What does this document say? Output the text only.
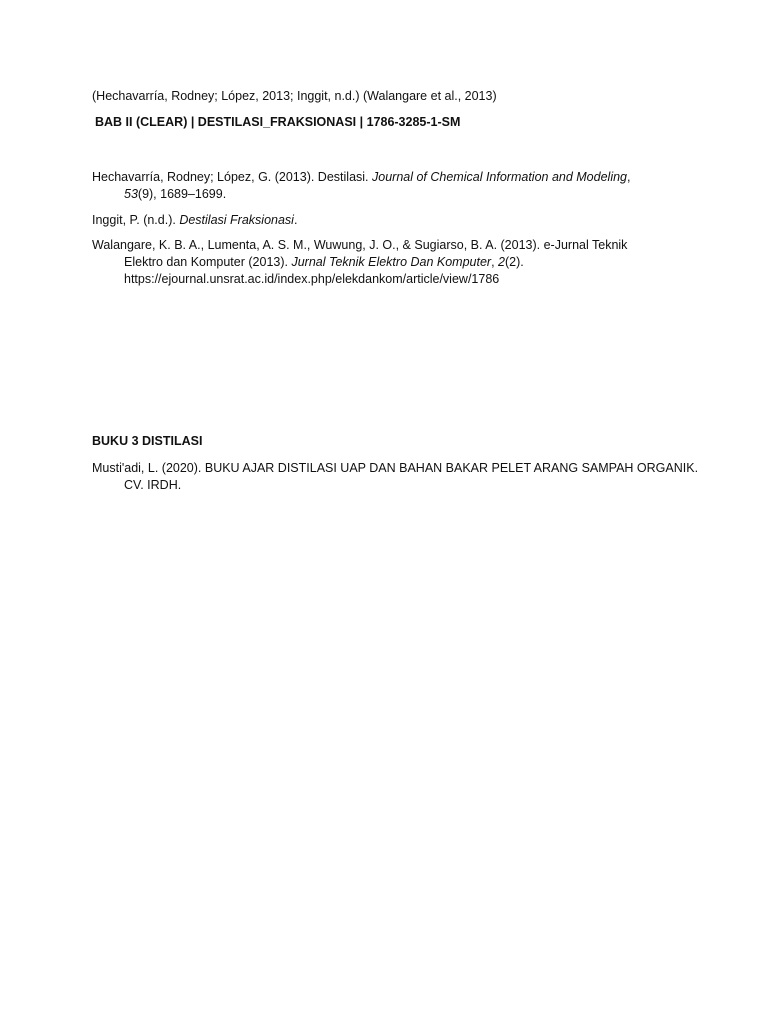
(Hechavarría, Rodney; López, 2013; Inggit, n.d.) (Walangare et al., 2013)
BAB II (CLEAR) | DESTILASI_FRAKSIONASI | 1786-3285-1-SM
Hechavarría, Rodney; López, G. (2013). Destilasi. Journal of Chemical Information and Modeling,
53(9), 1689–1699.
Inggit, P. (n.d.). Destilasi Fraksionasi.
Walangare, K. B. A., Lumenta, A. S. M., Wuwung, J. O., & Sugiarso, B. A. (2013). e-Jurnal Teknik
Elektro dan Komputer (2013). Jurnal Teknik Elektro Dan Komputer, 2(2).
https://ejournal.unsrat.ac.id/index.php/elekdankom/article/view/1786
BUKU 3 DISTILASI
Musti'adi, L. (2020). BUKU AJAR DISTILASI UAP DAN BAHAN BAKAR PELET ARANG SAMPAH ORGANIK.
CV. IRDH.
